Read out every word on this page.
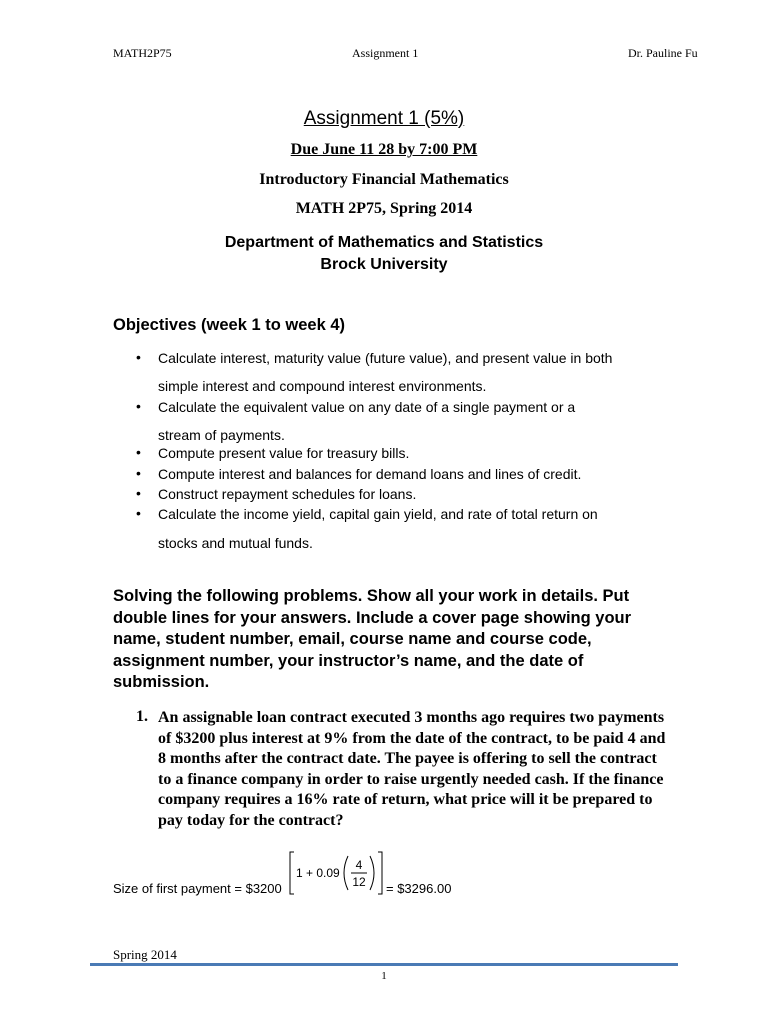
MATH2P75	Assignment 1	Dr. Pauline Fu
Assignment 1 (5%)
Due June 11 28 by 7:00 PM
Introductory Financial Mathematics
MATH 2P75, Spring 2014
Department of Mathematics and Statistics
Brock University
Objectives (week 1 to week 4)
• Calculate interest, maturity value (future value), and present value in both
simple interest and compound interest environments.
• Calculate the equivalent value on any date of a single payment or a
stream of payments.
• Compute present value for treasury bills.
• Compute interest and balances for demand loans and lines of credit.
• Construct repayment schedules for loans.
• Calculate the income yield, capital gain yield, and rate of total return on
stocks and mutual funds.
Solving the following problems. Show all your work in details. Put double lines for your answers. Include a cover page showing your name, student number, email, course name and course code, assignment number, your instructor’s name, and the date of submission.
1. An assignable loan contract executed 3 months ago requires two payments of $3200 plus interest at 9% from the date of the contract, to be paid 4 and 8 months after the contract date. The payee is offering to sell the contract to a finance company in order to raise urgently needed cash. If the finance company requires a 16% rate of return, what price will it be prepared to pay today for the contract?
Size of first payment = $3200
1 + 0.09
4
12 = $3296.00
Spring 2014
1
